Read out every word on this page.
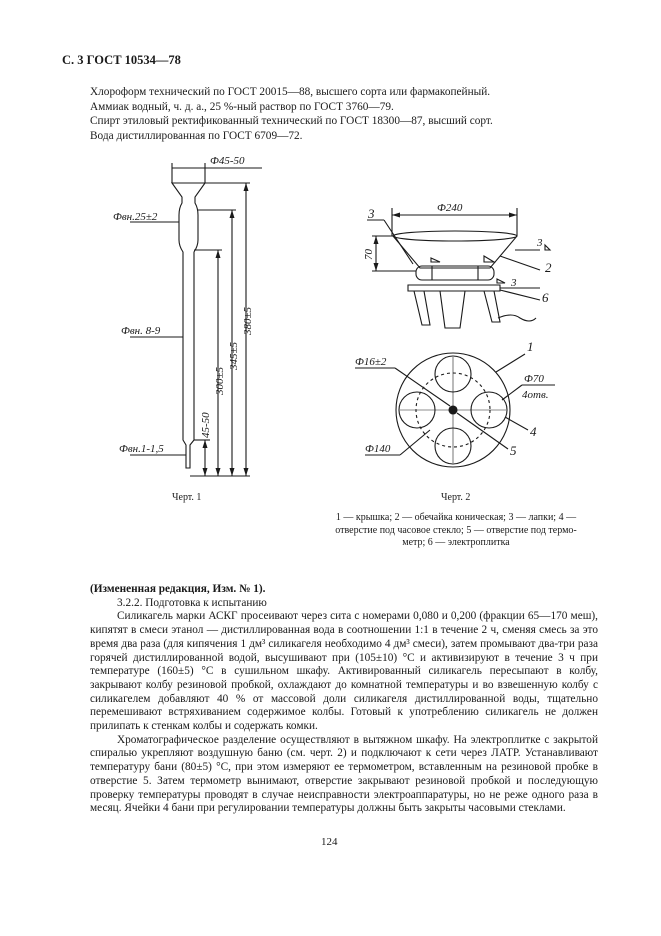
С. 3 ГОСТ 10534—78
Хлороформ технический по ГОСТ 20015—88, высшего сорта или фармакопейный.
Аммиак водный, ч. д. а., 25 %-ный раствор по ГОСТ 3760—79.
Спирт этиловый ректификованный технический по ГОСТ 18300—87, высший сорт.
Вода дистиллированная по ГОСТ 6709—72.
Ф45-50
Фвн.25±2
Фвн. 8-9
Фвн.1-1,5
380±5
345±5
300±5
45-50
Ф240
70
3
3
2
3
6
Ф16±2
1
Ф70
4отв.
4
5
Ф140
Черт. 1	Черт. 2
1 — крышка; 2 — обечайка коническая; 3 — лапки; 4 —
отверстие под часовое стекло; 5 — отверстие под термо-
метр; 6 — электроплитка

(Измененная редакция, Изм. № 1).

3.2.2. Подготовка к испытанию

Силикагель марки АСКГ просеивают через сита с номерами 0,080 и 0,200 (фракции 65—170 меш), кипятят в смеси этанол — дистиллированная вода в соотношении 1:1 в течение 2 ч, сменяя смесь за это время два раза (для кипячения 1 дм³ силикагеля необходимо 4 дм³ смеси), затем промывают два-три раза горячей дистиллированной водой, высушивают при (105±10) °С и активизируют в течение 3 ч при температуре (160±5) °С в сушильном шкафу. Активированный силикагель пересыпают в колбу, закрывают колбу резиновой пробкой, охлаждают до комнатной температуры и во взвешенную колбу с силикагелем добавляют 40 % от массовой доли силикагеля дистиллированной воды, тщательно перемешивают встряхиванием содержимое колбы. Готовый к употреблению силикагель не должен прилипать к стенкам колбы и содержать комки.

Хроматографическое разделение осуществляют в вытяжном шкафу. На электроплитке с закрытой спиралью укрепляют воздушную баню (см. черт. 2) и подключают к сети через ЛАТР. Устанавливают температуру бани (80±5) °С, при этом измеряют ее термометром, вставленным на резиновой пробке в отверстие 5. Затем термометр вынимают, отверстие закрывают резиновой пробкой и последующую проверку температуры проводят в случае неисправности электроаппаратуры, но не реже одного раза в месяц. Ячейки 4 бани при регулировании температуры должны быть закрыты часовыми стеклами.

124
